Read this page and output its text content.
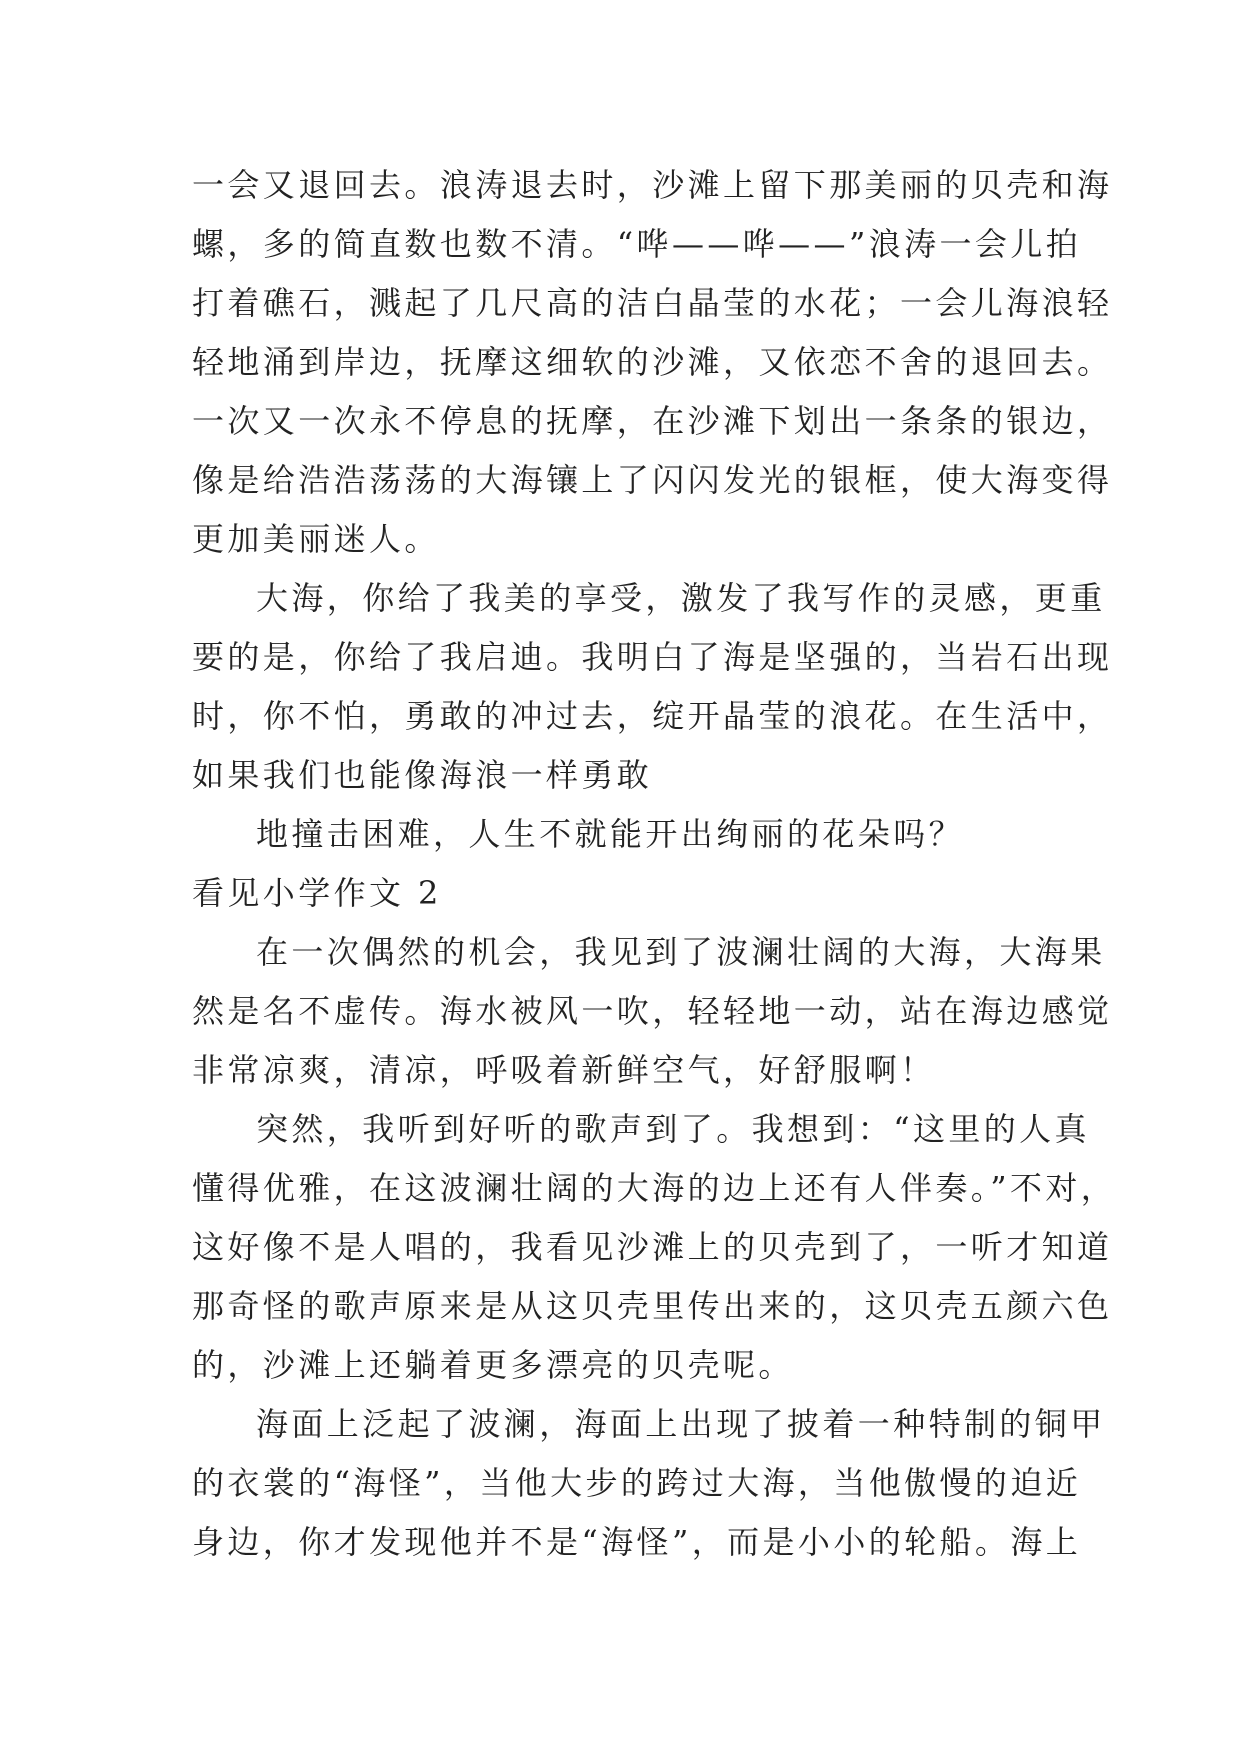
一会又退回去。浪涛退去时，沙滩上留下那美丽的贝壳和海
螺，多的简直数也数不清。“哗——哗——”浪涛一会儿拍
打着礁石，溅起了几尺高的洁白晶莹的水花；一会儿海浪轻
轻地涌到岸边，抚摩这细软的沙滩，又依恋不舍的退回去。
一次又一次永不停息的抚摩，在沙滩下划出一条条的银边，
像是给浩浩荡荡的大海镶上了闪闪发光的银框，使大海变得
更加美丽迷人。
大海，你给了我美的享受，激发了我写作的灵感，更重
要的是，你给了我启迪。我明白了海是坚强的，当岩石出现
时，你不怕，勇敢的冲过去，绽开晶莹的浪花。在生活中，
如果我们也能像海浪一样勇敢
地撞击困难，人生不就能开出绚丽的花朵吗？
看见小学作文 2
在一次偶然的机会，我见到了波澜壮阔的大海，大海果
然是名不虚传。海水被风一吹，轻轻地一动，站在海边感觉
非常凉爽，清凉，呼吸着新鲜空气，好舒服啊！
突然，我听到好听的歌声到了。我想到：“这里的人真
懂得优雅，在这波澜壮阔的大海的边上还有人伴奏。”不对，
这好像不是人唱的，我看见沙滩上的贝壳到了，一听才知道
那奇怪的歌声原来是从这贝壳里传出来的，这贝壳五颜六色
的，沙滩上还躺着更多漂亮的贝壳呢。
海面上泛起了波澜，海面上出现了披着一种特制的铜甲
的衣裳的“海怪”，当他大步的跨过大海，当他傲慢的迫近
身边，你才发现他并不是“海怪”，而是小小的轮船。海上
